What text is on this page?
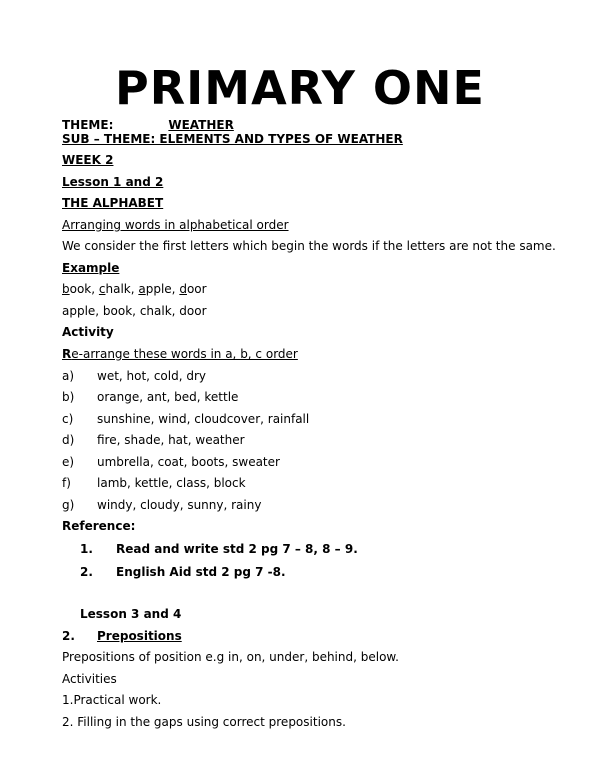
PRIMARY ONE
THEME:	WEATHER
SUB – THEME: ELEMENTS AND TYPES OF WEATHER
WEEK 2
Lesson 1 and 2
THE ALPHABET
Arranging words in alphabetical order
We consider the first letters which begin the words if the letters are not the same.
Example
book, chalk, apple, door
apple, book, chalk, door
Activity
Re-arrange these words in a, b, c order
a) wet, hot, cold, dry
b) orange, ant, bed, kettle
c) sunshine, wind, cloudcover, rainfall
d) fire, shade, hat, weather
e) umbrella, coat, boots, sweater
f) lamb, kettle, class, block
g) windy, cloudy, sunny, rainy
Reference:
1. Read and write std 2 pg 7 – 8, 8 – 9.
2. English Aid std 2 pg 7 -8.
Lesson 3 and 4
2. Prepositions
Prepositions of position e.g in, on, under, behind, below.
Activities
1.Practical work.
2. Filling in the gaps using correct prepositions.
